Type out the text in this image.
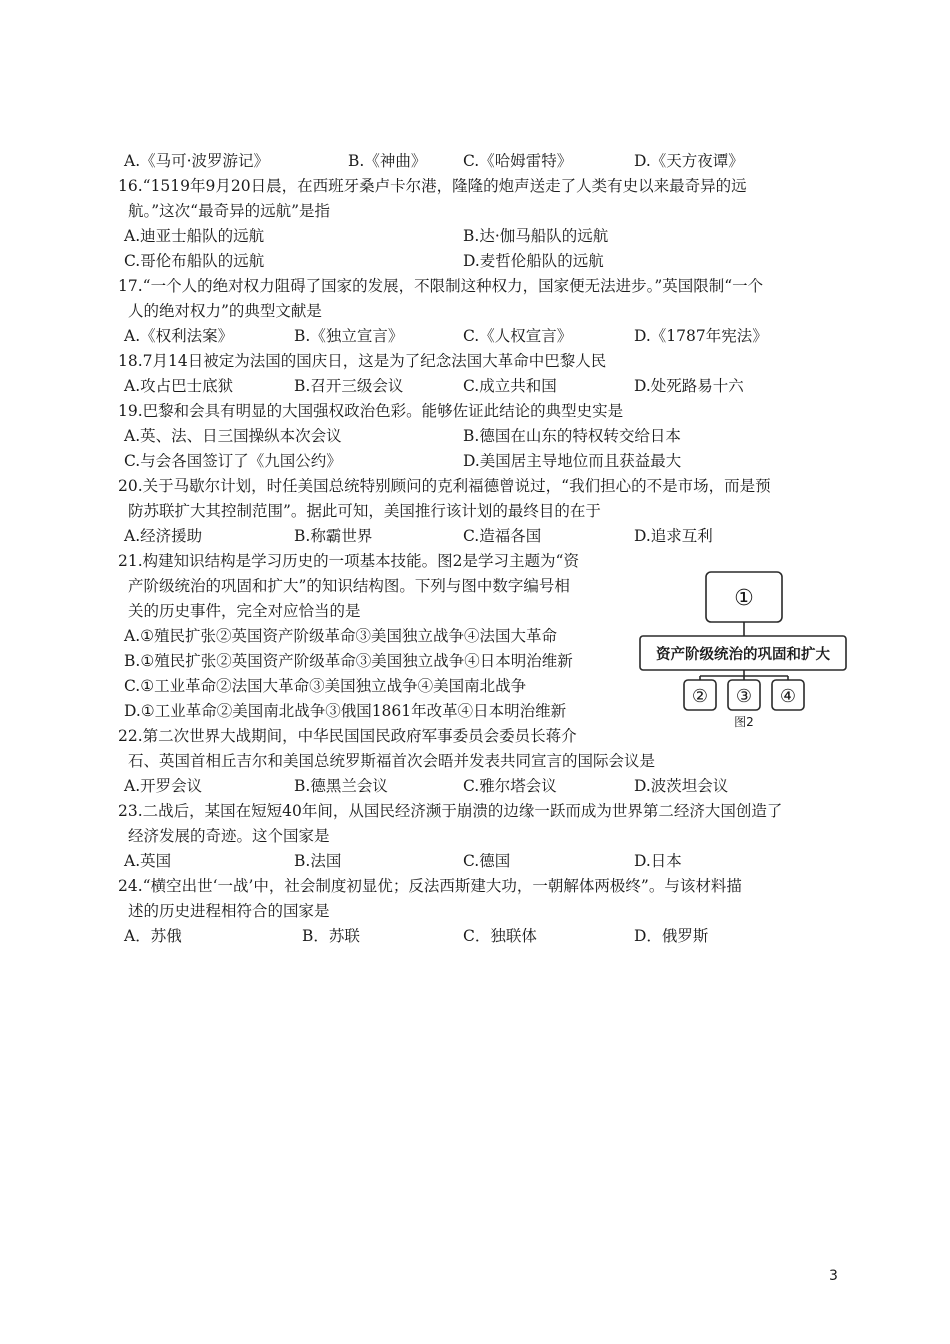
A.《马可·波罗游记》	B.《神曲》 C.《哈姆雷特》	D.《天方夜谭》
16.“1519年9月20日晨，在西班牙桑卢卡尔港，隆隆的炮声送走了人类有史以来最奇异的远
航。”这次“最奇异的远航”是指
A.迪亚士船队的远航	B.达·伽马船队的远航
C.哥伦布船队的远航	D.麦哲伦船队的远航
17.“一个人的绝对权力阻碍了国家的发展，不限制这种权力，国家便无法进步。”英国限制“一个
人的绝对权力”的典型文献是
A.《权利法案》	B.《独立宣言》	C.《人权宣言》	D.《1787年宪法》
18.7月14日被定为法国的国庆日，这是为了纪念法国大革命中巴黎人民
A.攻占巴士底狱	B.召开三级会议	C.成立共和国	D.处死路易十六
19.巴黎和会具有明显的大国强权政治色彩。能够佐证此结论的典型史实是
A.英、法、日三国操纵本次会议	B.德国在山东的特权转交给日本
C.与会各国签订了《九国公约》	D.美国居主导地位而且获益最大
20.关于马歇尔计划，时任美国总统特别顾问的克利福德曾说过，“我们担心的不是市场，而是预
防苏联扩大其控制范围”。据此可知，美国推行该计划的最终目的在于
A.经济援助	B.称霸世界	C.造福各国	D.追求互利
21.构建知识结构是学习历史的一项基本技能。图2是学习主题为“资
产阶级统治的巩固和扩大”的知识结构图。下列与图中数字编号相
关的历史事件，完全对应恰当的是
A.①殖民扩张②英国资产阶级革命③美国独立战争④法国大革命
B.①殖民扩张②英国资产阶级革命③美国独立战争④日本明治维新
C.①工业革命②法国大革命③美国独立战争④美国南北战争
D.①工业革命②美国南北战争③俄国1861年改革④日本明治维新
①
资产阶级统治的巩固和扩大
② ③ ④
图2
22.第二次世界大战期间，中华民国国民政府军事委员会委员长蒋介
石、英国首相丘吉尔和美国总统罗斯福首次会晤并发表共同宣言的国际会议是
A.开罗会议	B.德黑兰会议	C.雅尔塔会议	D.波茨坦会议
23.二战后，某国在短短40年间，从国民经济濒于崩溃的边缘一跃而成为世界第二经济大国创造了
经济发展的奇迹。这个国家是
A.英国	B.法国	C.德国	D.日本
24.“横空出世‘一战’中，社会制度初显优；反法西斯建大功，一朝解体两极终”。与该材料描
述的历史进程相符合的国家是
A．苏俄	B．苏联	C．独联体	D．俄罗斯
3
